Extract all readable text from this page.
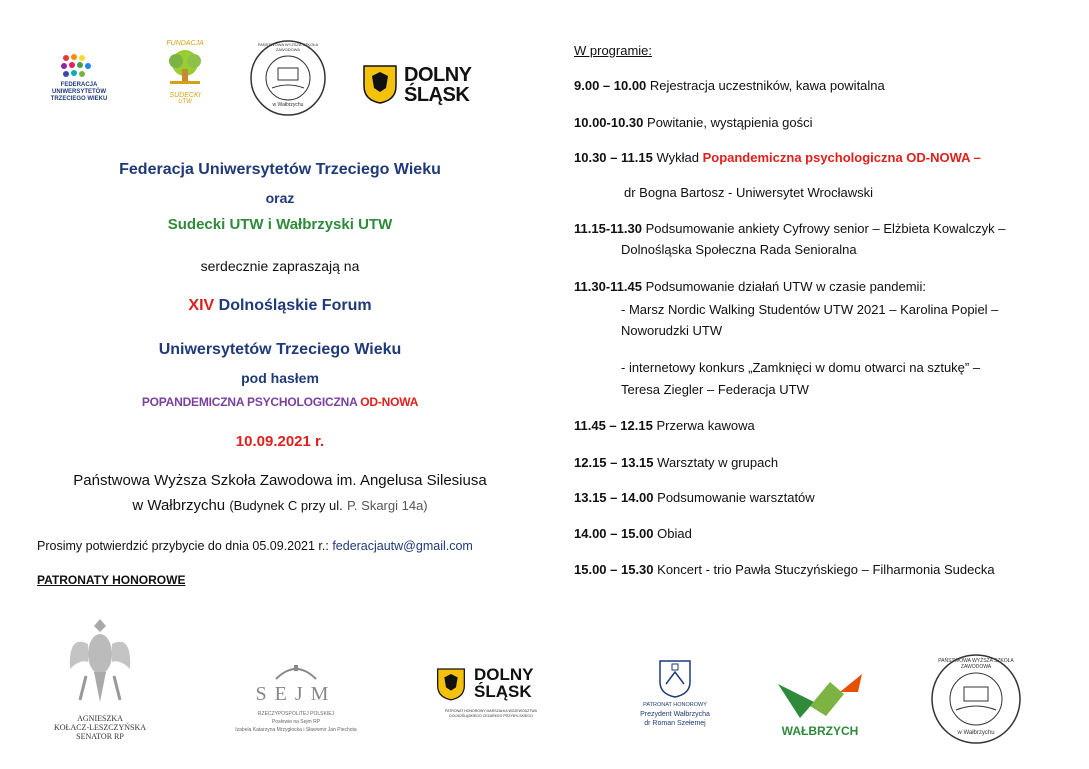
FEDERACJA UNIWERSYTETÓW TRZECIEGO WIEKU
FUNDACJA
SUDECKI
UTW
PAŃSTWOWA WYŻSZA SZKOŁA ZAWODOWA
w Wałbrzychu
DOLNY
ŚLĄSK
Federacja Uniwersytetów Trzeciego Wieku
oraz
Sudecki UTW i Wałbrzyski UTW
serdecznie zapraszają na
XIV Dolnośląskie Forum
Uniwersytetów Trzeciego Wieku
pod hasłem
POPANDEMICZNA PSYCHOLOGICZNA OD-NOWA
10.09.2021 r.
Państwowa Wyższa Szkoła Zawodowa im. Angelusa Silesiusa
w Wałbrzychu (Budynek C przy ul. P. Skargi 14a)
Prosimy potwierdzić przybycie do dnia 05.09.2021 r.: federacjautw@gmail.com
PATRONATY HONOROWE
W programie:
9.00 – 10.00 Rejestracja uczestników, kawa powitalna
10.00-10.30 Powitanie, wystąpienia gości
10.30 – 11.15 Wykład Popandemiczna psychologiczna OD-NOWA –
dr Bogna Bartosz - Uniwersytet Wrocławski
11.15-11.30 Podsumowanie ankiety Cyfrowy senior – Elżbieta Kowalczyk –
Dolnośląska Społeczna Rada Senioralna
11.30-11.45 Podsumowanie działań UTW w czasie pandemii:
- Marsz Nordic Walking Studentów UTW 2021 – Karolina Popiel –
Noworudzki UTW
- internetowy konkurs „Zamknięci w domu otwarci na sztukę” –
Teresa Ziegler – Federacja UTW
11.45 – 12.15 Przerwa kawowa
12.15 – 13.15 Warsztaty w grupach
13.15 – 14.00 Podsumowanie warsztatów
14.00 – 15.00 Obiad
15.00 – 15.30 Koncert - trio Pawła Stuczyńskiego – Filharmonia Sudecka
AGNIESZKA
KOŁACZ-LESZCZYŃSKA
SENATOR RP
SEJM
RZECZYPOSPOLITEJ POLSKIEJ
Posłowie na Sejm RP
Izabela Katarzyna Mrzygłocka i Sławomir Jan Piechota
DOLNY
ŚLĄSK
PATRONAT HONOROWY MARSZAŁKA WOJEWÓDZTWA DOLNOŚLĄSKIEGO CEZAREGO PRZYBYLSKIEGO
PATRONAT HONOROWY
Prezydent Wałbrzycha
dr Roman Szełemej
WAŁBRZYCH
PAŃSTWOWA WYŻSZA SZKOŁA ZAWODOWA
w Wałbrzychu
